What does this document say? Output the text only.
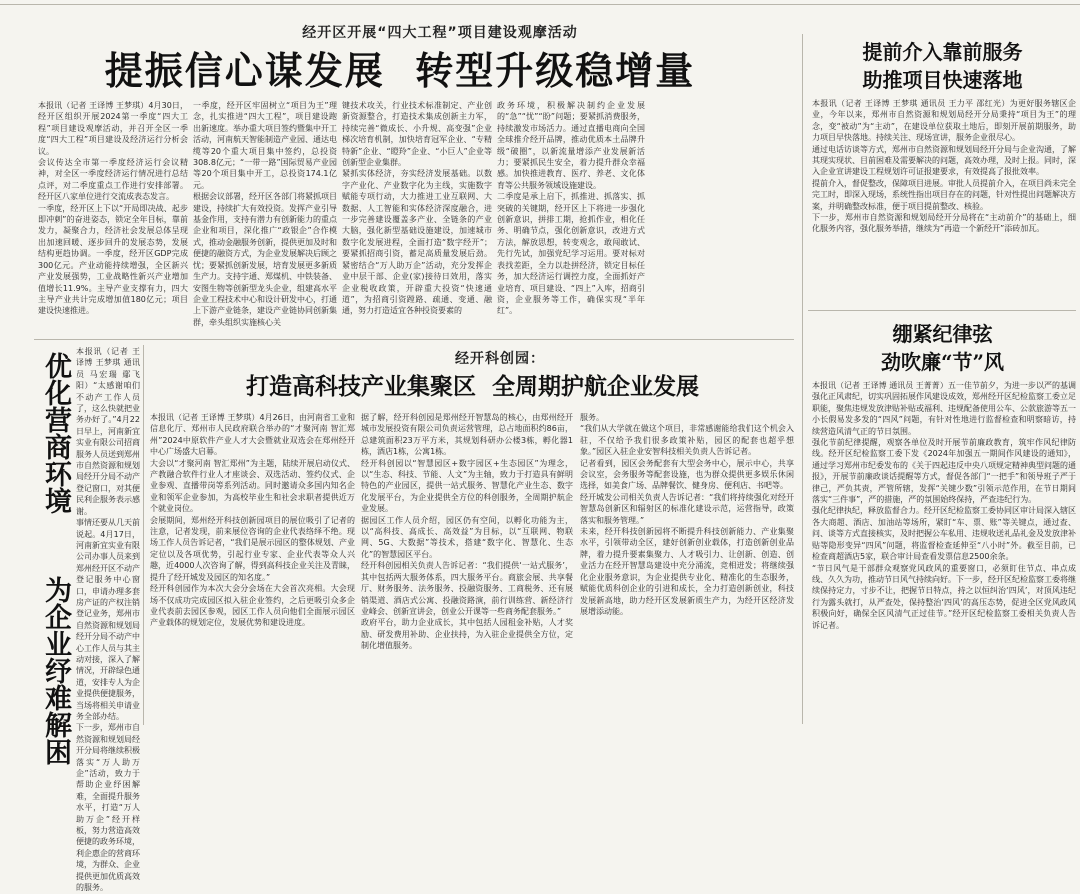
经开区开展“四大工程”项目建设观摩活动
提振信心谋发展  转型升级稳增量
本报讯（记者 王译博 王梦琪）4月30日，经开区组织开展2024第一季度“四大工程”项目建设观摩活动，并召开全区一季度“四大工程”项目建设及经济运行分析会议。
会议传达全市第一季度经济运行会议精神，对全区一季度经济运行情况进行总结点评，对二季度重点工作进行安排部署。经开区八家单位进行交流成表态发言。
一季度，经开区上下以“开局即决战、起步即冲刺”的奋进姿态，锁定全年目标，靠前发力，凝聚合力，经济社会发展总体呈现出加速回暖、逐步回升的发展态势，发展结构更趋协调。一季度，经开区GDP完成300亿元。产业动能持续增强，全区新兴产业发展强势，工业战略性新兴产业增加值增长11.9%。主导产业支撑有力，四大主导产业共计完成增加值180亿元；项目建设快速推进。
一季度，经开区牢固树立“项目为王”理念，扎实推进“四大工程”，项目建设跑出新速度。举办重大项目签约暨集中开工活动，河南航天智能制造产业园、通达电缆等20个重大项目集中签约，总投资308.8亿元；“一带一路”国际贸易产业园等20个项目集中开工，总投资174.1亿元。
根据会议部署，经开区各部门将紧抓项目建设，持续扩大有效投资。发挥产业引导基金作用，支持有潜力有创新能力的重点企业和项目，深化推广“政银企”合作模式，推动金融服务创新，提供更加及时和便捷的融资方式，为企业发展解决后顾之忧；要紧抓创新发展，培育发展更多新质生产力。支持宇通、郑煤机、中铁装备、安图生物等创新型龙头企业，组建高水平企业工程技术中心和设计研发中心，打通上下游产业链条，建设产业链协同创新集群，牵头组织实施核心关
键技术攻关，行业技术标准制定、产业创新资源整合，打造技术集成创新主力军，持续完善“微成长、小升规、高变强”企业梯次培育机制，加快培育冠军企业、“专精特新”企业、“瞪羚”企业、“小巨人”企业等创新型企业集群。
紧抓实体经济，夯实经济发展基础。以数字产业化、产业数字化为主线，实施数字赋能专项行动，大力推进工业互联网、大数据、人工智能和实体经济深度融合，进一步完善建设覆盖多产业、全链条的产业大脑，强化新型基础设施建设，加速城市数字化发展进程，全面打造“数字经开”；要紧抓招商引资，蓄足高质量发展后劲。紧密结合“万人助万企”活动，充分发挥企业中层干部、企业(家)接待日效用，落实企业税收政策，开辟重大投资“快速通道”，为招商引资蹚路、疏通、变通、融通，努力打造适宜各种投资要素的
政务环境，积极解决制约企业发展的“急”“忧”“盼”问题；要紧抓消费服务，持续激发市场活力。通过直播电商向全国全球推介经开品牌，推动优质本土品牌升级“破圈”，以新流量增添产业发展新活力；要紧抓民生安全，着力提升群众幸福感。加快推进教育、医疗、养老、文化体育等公共服务领域设施建设。
二季度是承上启下，抓推进、抓落实、抓突破的关键期，经开区上下将进一步强化创新意识，拼排工期，抢抓作业，相化任务、明确节点，强化创新意识，改进方式方法，解放思想，转变观念，敢闯敢试、先行先试，加强党纪学习运用。要对标对表找差距，全力以赴拼经济，锁定目标任务，加大经济运行调控力度，全面抓好产业培育、项目建设、“四上”入库，招商引资，企业服务等工作，确保实现“半年红”。
提前介入靠前服务
助推项目快速落地
本报讯（记者 王译博 王梦琪 通讯员 王力平 邵红光）为更好服务辖区企业，今年以来，郑州市自然资源和规划局经开分局秉持“项目为王”的理念，变“被动”为“主动”，在建设单位获取土地后，即刻开展前期服务，助力项目早快落地。持续关注、现场宣讲，服务企业很尽心。
通过电话访谈等方式，郑州市自然资源和规划局经开分局与企业沟通，了解其现实现状、目前困难及需要解决的问题，高效办理，及时上报。同时，深入企业宣讲建设工程规划许可证报建要求，有效提高了报批效率。
提前介入，督促整改，保障项目进展。审批人员提前介入，在项目尚未完全完工时，即深入现场，系统性指出项目存在的问题，针对性提出问题解决方案，并明确整改标准，便于项目提前整改、核验。
下一步，郑州市自然资源和规划局经开分局将在“主动前介”的基础上，细化服务内容，强化服务举措，继续为“再造一个新经开”添砖加瓦。
绷紧纪律弦
劲吹廉“节”风
本报讯（记者 王译博 通讯员 王菁菁）五一佳节前夕，为进一步以严的基调强化正风肃纪，切实巩固拓展作风建设成效，郑州经开区纪检监察工委立足职能，聚焦违规发放津贴补贴或福利、违规配备使用公车、公款旅游等五一小长假易发多发的“四风”问题，有针对性地进行监督检查和明察暗访，持续营造风清气正的节日氛围。
强化节前纪律提醒，观察各单位及时开展节前廉政教育，筑牢作风纪律防线。经开区纪检监察工委下发《2024年加强五一期间作风建设的通知》，通过学习郑州市纪委发布的《关于四起违反中央八项规定精神典型问题的通报》，开展节前廉政谈话提醒等方式，督促各部门“一把手”和领导班子严于律己，严负其责，严管所辖，发挥“关键少数”引领示范作用，在节日期间落实“三件事”，严的措施，严的氛围始终保持，严查违纪行为。
强化纪律执纪，释放监督合力。经开区纪检监察工委协同区审计局深入辖区各大商超、酒店、加油站等场所，紧盯“车、票、账”等关键点，通过查、问、谈等方式直接核实，及时把握公车私用、违规收送礼品礼金及发放津补贴等隐形变异“四风”问题，将监督检查延伸至“八小时”外。截至目前，已检查商超酒店5家，联合审计局查看发票信息2500余条。
“节日风气是干部群众观察党风政风的重要窗口，必须盯住节点、串点成线、久久为功，推动节日风气持续向好。下一步，经开区纪检监察工委将继续保持定力，寸步不让，把握节日特点，持之以恒纠治‘四风’，对顶风违纪行为露头就打，从严查处，保持整治‘四风’的高压态势，促进全区党风政风积极向好，确保全区风清气正过佳节。”经开区纪检监察工委相关负责人告诉记者。
优化营商环境  为企业纾难解困
本报讯（记者 王译博 王梦琪 通讯员 马宏瑞 鄢飞阳）“太感谢咱们不动产工作人员了，这么快就把业务办好了。”4月22日早上，河南新宜实业有限公司招商服务人员送到郑州市自然资源和规划局经开分局不动产登记窗口，对其便民利企服务表示感谢。
事情还要从几天前说起。4月17日，河南新宜实业有限公司办事人员来到郑州经开区不动产登记服务中心窗口，申请办理多套房产证的产权注销登记业务，郑州市自然资源和规划局经开分局不动产中心工作人员与其主动对接，深入了解情况，开辟绿色通道，安排专人为企业提供便捷服务，当场将相关申请业务全部办结。
下一步，郑州市自然资源和规划局经开分局将继续积极落实“万人助万企”活动，致力于帮助企业纾困解难，全面提升服务水平，打造“万人助万企”经开样板，努力营造高效便捷的政务环境，利企惠企的营商环境，为群众、企业提供更加优质高效的服务。
经开科创园：
打造高科技产业集聚区  全周期护航企业发展
本报讯（记者 王译博 王梦琪）4月26日，由河南省工业和信息化厅、郑州市人民政府联合举办的“才聚河南 智汇郑州”2024中原软件产业人才大会暨就业双选会在郑州经开中心广场盛大启幕。
大会以“才聚河南 智汇郑州”为主题，陆续开展启动仪式、产教融合软件行业人才座谈会、双选活动、签约仪式、企业参观、直播带岗等系列活动。同时邀请众多国内知名企业和领军企业参加，为高校毕业生和社会求职者提供近万个就业岗位。
会展期间，郑州经开科技创新园项目的展位吸引了记者的注意，记者发现，前来展位咨询的企业代表络绎不绝。现场工作人员告诉记者，“我们是展示园区的整体规划、产业定位以及各项优势，引起行业专家、企业代表等众人兴趣，近4000人次咨询了解，得到高科技企业关注及青睐，提升了经开城发及园区的知名度。”
经开科创园作为本次大会分会场在大会首次亮相。大会现场不仅成功完成园区拟入驻企业签约，之后更吸引众多企业代表前去园区参观，园区工作人员向他们全面展示园区产业载体的规划定位，发展优势和建设进度。
据了解，经开科创园是郑州经开智慧岛的核心，由郑州经开城市发展投资有限公司负责运营管理，总占地面积约86亩，总建筑面积23万平方米，其规划科研办公楼3栋，孵化器1栋，酒店1栋，公寓1栋。
经开科创园以“智慧园区+数字园区+生态园区”为理念，以“生态、科技、节能、人文”为主轴，致力于打造具有鲜明特色的产业园区，提供一站式服务、智慧化产业生态、数字化发展平台，为企业提供全方位的科创服务，全周期护航企业发展。
据园区工作人员介绍，园区仍有空间，以孵化功能为主，以“高科技、高成长、高效益”为目标，以“互联网、物联网、5G、大数据”等技术，搭建“数字化、智慧化、生态化”的智慧园区平台。
经开科创园相关负责人告诉记者：“我们提供‘一站式服务’，其中包括两大服务体系，四大服务平台。商旅会展、共享餐厅、财务服务、法务服务、投融资服务、工商税务、还有展销渠道、酒店式公寓、投融资路演，前行训练营、新经济行业峰会、创新宣讲会，创业公开课等一些商务配套服务。”
政府平台，助力企业成长，其中包括人园租金补贴，人才奖励、研发费用补助、企业扶持，为入驻企业提供全方位，定制化增值服务。
服务。
“我们从大学就在做这个项目，非常感谢能给我们这个机会入驻，不仅给予我们很多政策补贴，园区的配套也超乎想象。”园区入驻企业安智科技相关负责人告诉记者。
记者看到，园区会务配套有大型会务中心，展示中心，共享会议室，会务服务等配套设施，也为群众提供更多娱乐休闲选择，如美食广场、品牌餐饮、健身房、便利店、书吧等。
经开城发公司相关负责人告诉记者：“我们将持续强化对经开智慧岛创新区和辐射区的标准化建设示范，运营指导，政策落实和服务管理。”
未来，经开科技创新园将不断提升科技创新能力、产业集聚水平，引领带动全区，建好创新创业载体，打造创新创业品牌，着力提升要素集聚力、人才吸引力、让创新、创造、创业活力在经开智慧岛建设中充分涌流，竞相迸发；将继续强化企业服务意识，为企业提供专业化、精准化的生态服务，赋能优质科创企业的引进和成长，全力打造创新创业，科技发展新高地，助力经开区发展新质生产力，为经开区经济发展增添动能。
